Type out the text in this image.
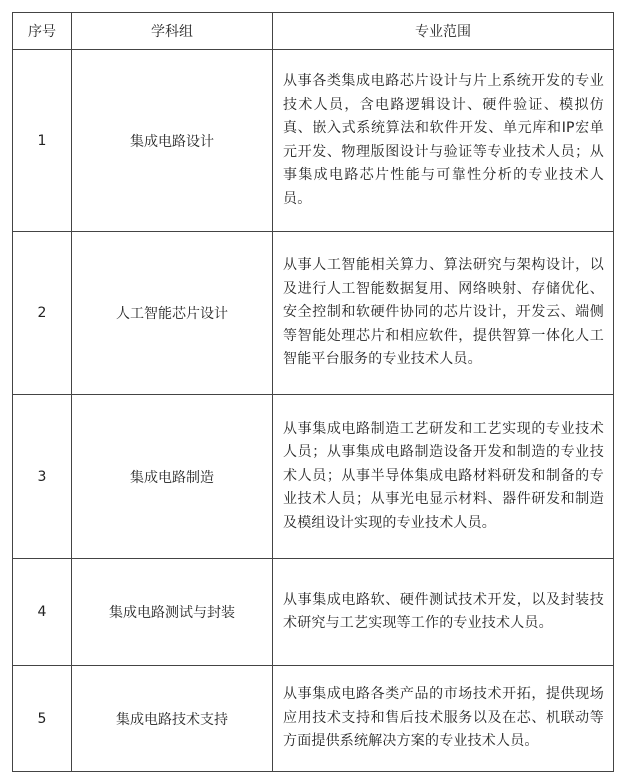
序号	学科组	专业范围
1	集成电路设计	从事各类集成电路芯片设计与片上系统开发的专业技术人员，含电路逻辑设计、硬件验证、模拟仿真、嵌入式系统算法和软件开发、单元库和IP宏单元开发、物理版图设计与验证等专业技术人员；从事集成电路芯片性能与可靠性分析的专业技术人员。
2	人工智能芯片设计	从事人工智能相关算力、算法研究与架构设计，以及进行人工智能数据复用、网络映射、存储优化、安全控制和软硬件协同的芯片设计，开发云、端侧等智能处理芯片和相应软件，提供智算一体化人工智能平台服务的专业技术人员。
3	集成电路制造	从事集成电路制造工艺研发和工艺实现的专业技术人员；从事集成电路制造设备开发和制造的专业技术人员；从事半导体集成电路材料研发和制备的专业技术人员；从事光电显示材料、器件研发和制造及模组设计实现的专业技术人员。
4	集成电路测试与封装	从事集成电路软、硬件测试技术开发，以及封装技术研究与工艺实现等工作的专业技术人员。
5	集成电路技术支持	从事集成电路各类产品的市场技术开拓，提供现场应用技术支持和售后技术服务以及在芯、机联动等方面提供系统解决方案的专业技术人员。
